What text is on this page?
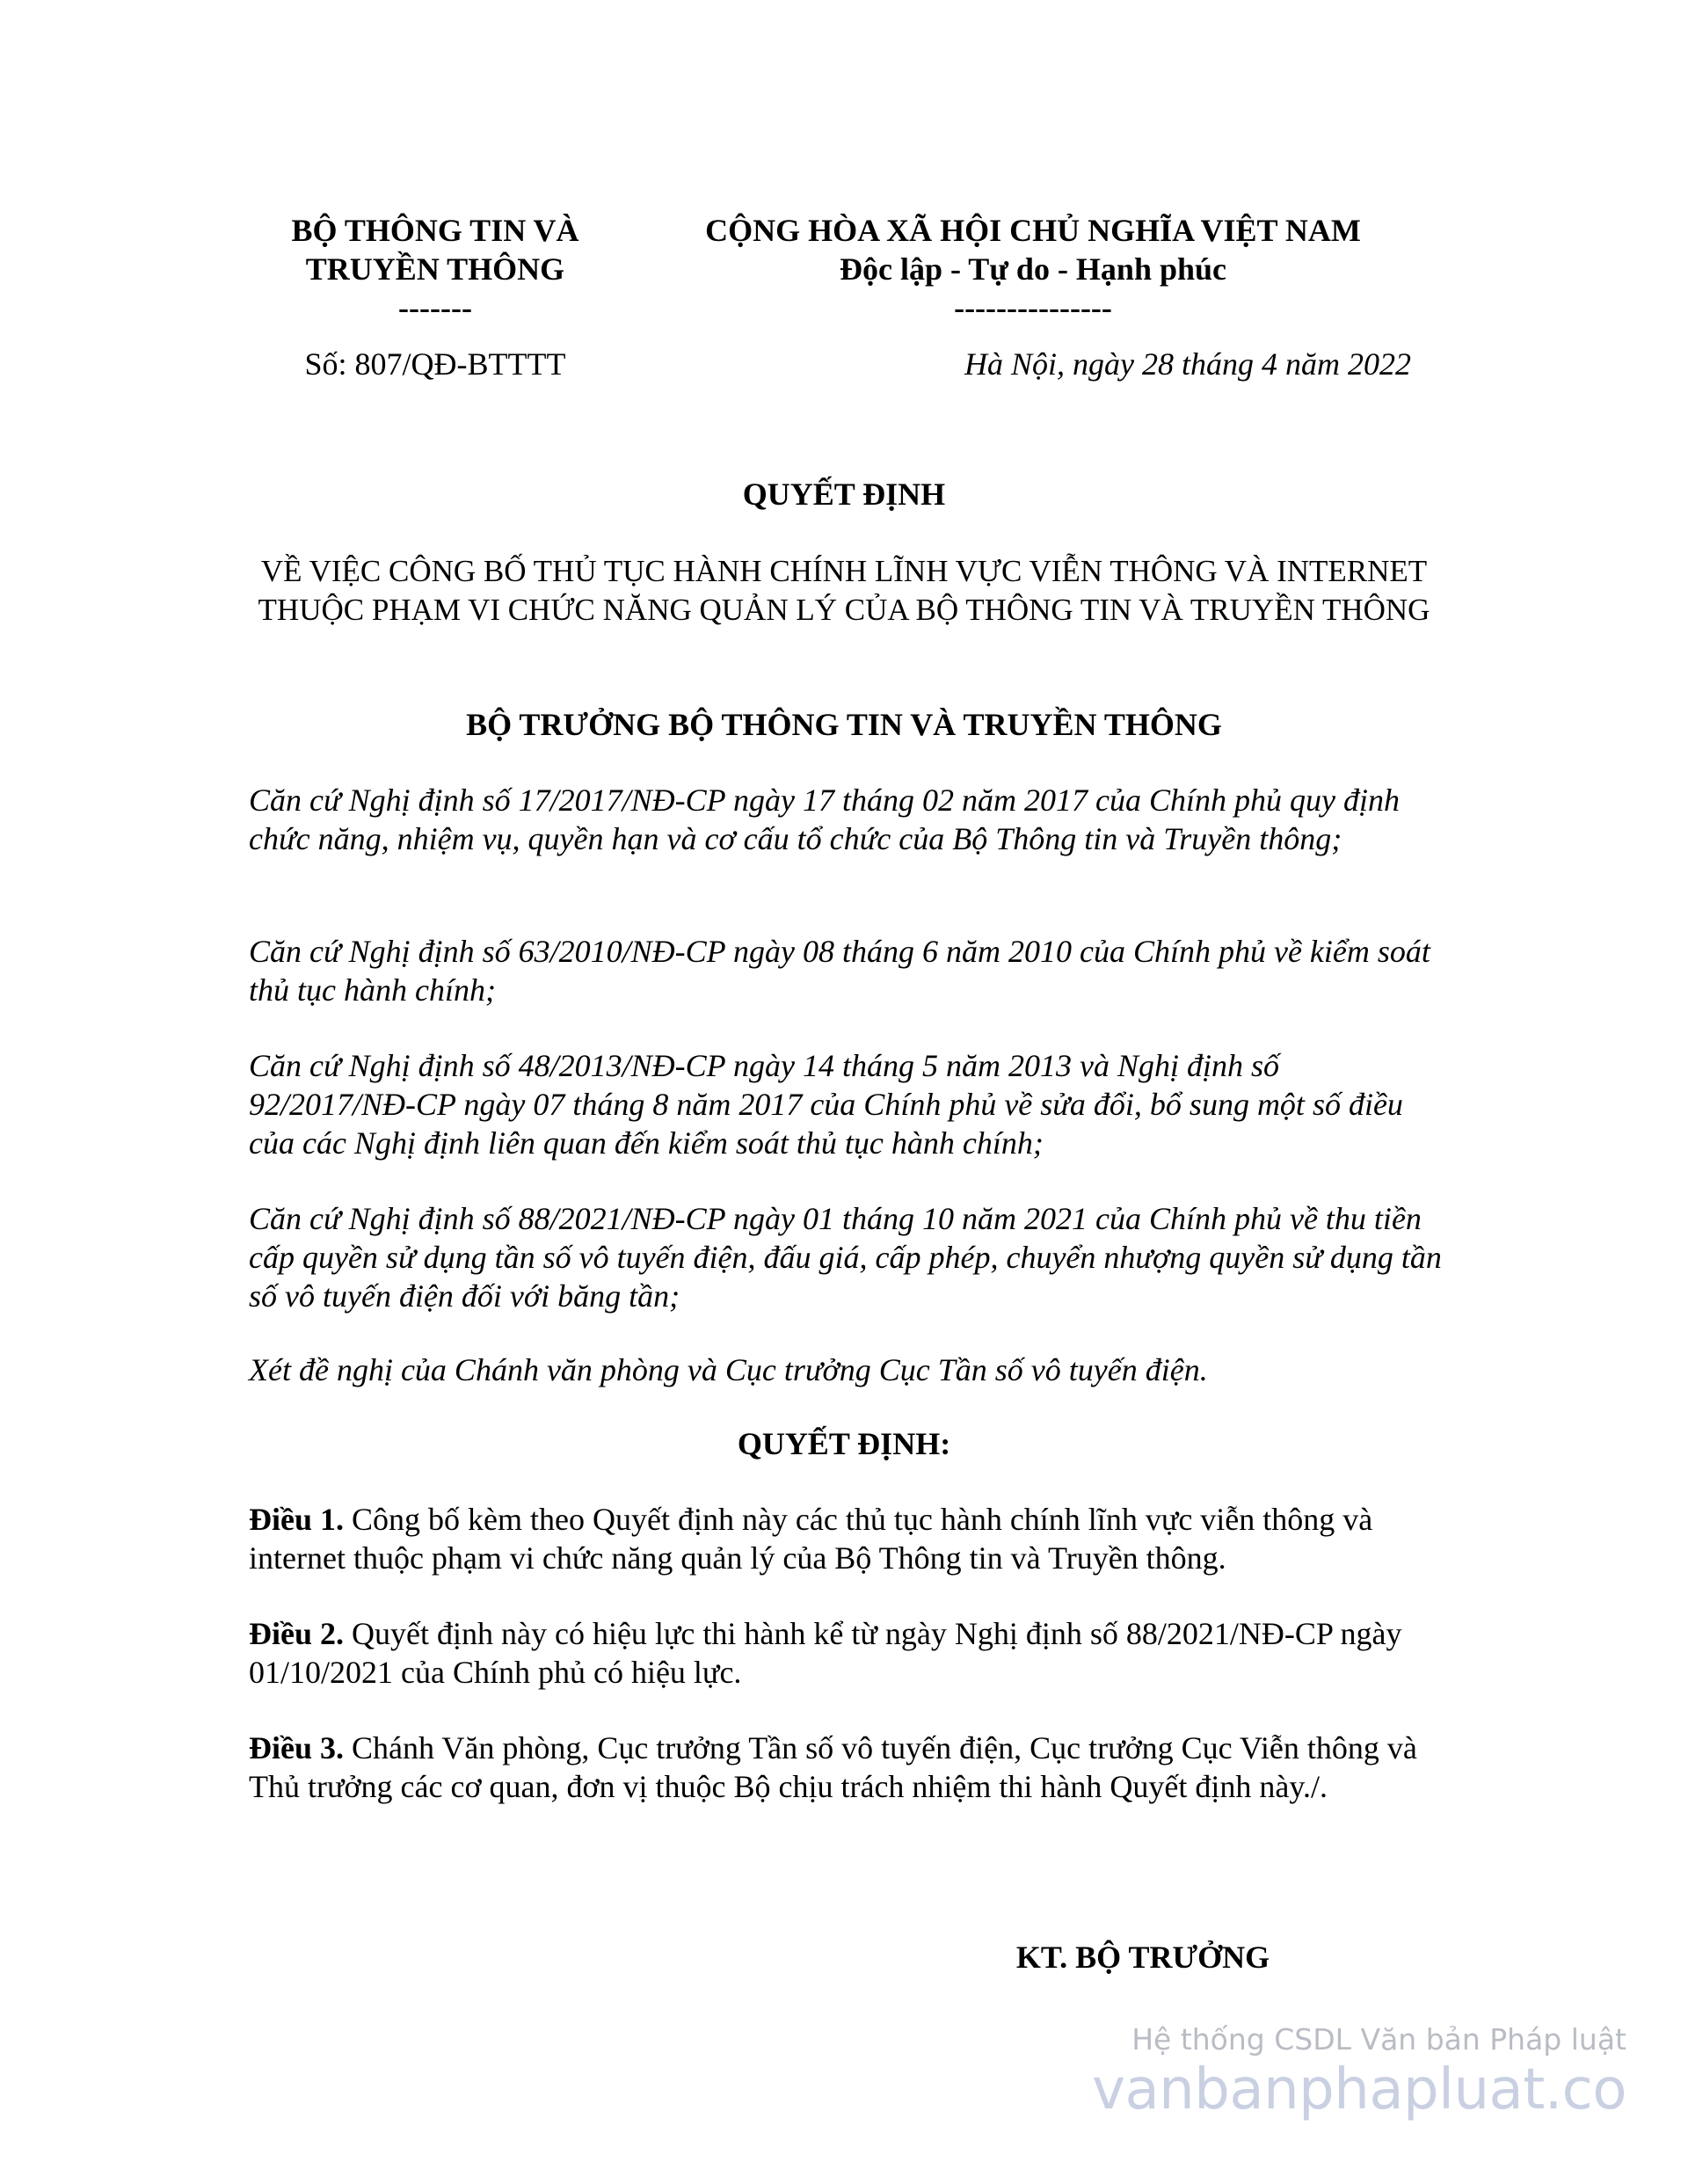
BỘ THÔNG TIN VÀ
TRUYỀN THÔNG
-------
CỘNG HÒA XÃ HỘI CHỦ NGHĨA VIỆT NAM
Độc lập - Tự do - Hạnh phúc
---------------
Số: 807/QĐ-BTTTT	Hà Nội, ngày 28 tháng 4 năm 2022
QUYẾT ĐỊNH
VỀ VIỆC CÔNG BỐ THỦ TỤC HÀNH CHÍNH LĨNH VỰC VIỄN THÔNG VÀ INTERNET THUỘC PHẠM VI CHỨC NĂNG QUẢN LÝ CỦA BỘ THÔNG TIN VÀ TRUYỀN THÔNG
BỘ TRƯỞNG BỘ THÔNG TIN VÀ TRUYỀN THÔNG
Căn cứ Nghị định số 17/2017/NĐ-CP ngày 17 tháng 02 năm 2017 của Chính phủ quy định chức năng, nhiệm vụ, quyền hạn và cơ cấu tổ chức của Bộ Thông tin và Truyền thông;
Căn cứ Nghị định số 63/2010/NĐ-CP ngày 08 tháng 6 năm 2010 của Chính phủ về kiểm soát thủ tục hành chính;
Căn cứ Nghị định số 48/2013/NĐ-CP ngày 14 tháng 5 năm 2013 và Nghị định số 92/2017/NĐ-CP ngày 07 tháng 8 năm 2017 của Chính phủ về sửa đổi, bổ sung một số điều của các Nghị định liên quan đến kiểm soát thủ tục hành chính;
Căn cứ Nghị định số 88/2021/NĐ-CP ngày 01 tháng 10 năm 2021 của Chính phủ về thu tiền cấp quyền sử dụng tần số vô tuyến điện, đấu giá, cấp phép, chuyển nhượng quyền sử dụng tần số vô tuyến điện đối với băng tần;
Xét đề nghị của Chánh văn phòng và Cục trưởng Cục Tần số vô tuyến điện.
QUYẾT ĐỊNH:
Điều 1. Công bố kèm theo Quyết định này các thủ tục hành chính lĩnh vực viễn thông và internet thuộc phạm vi chức năng quản lý của Bộ Thông tin và Truyền thông.
Điều 2. Quyết định này có hiệu lực thi hành kể từ ngày Nghị định số 88/2021/NĐ-CP ngày 01/10/2021 của Chính phủ có hiệu lực.
Điều 3. Chánh Văn phòng, Cục trưởng Tần số vô tuyến điện, Cục trưởng Cục Viễn thông và Thủ trưởng các cơ quan, đơn vị thuộc Bộ chịu trách nhiệm thi hành Quyết định này./.
KT. BỘ TRƯỞNG
Hệ thống CSDL Văn bản Pháp luật
vanbanphapluat.co
